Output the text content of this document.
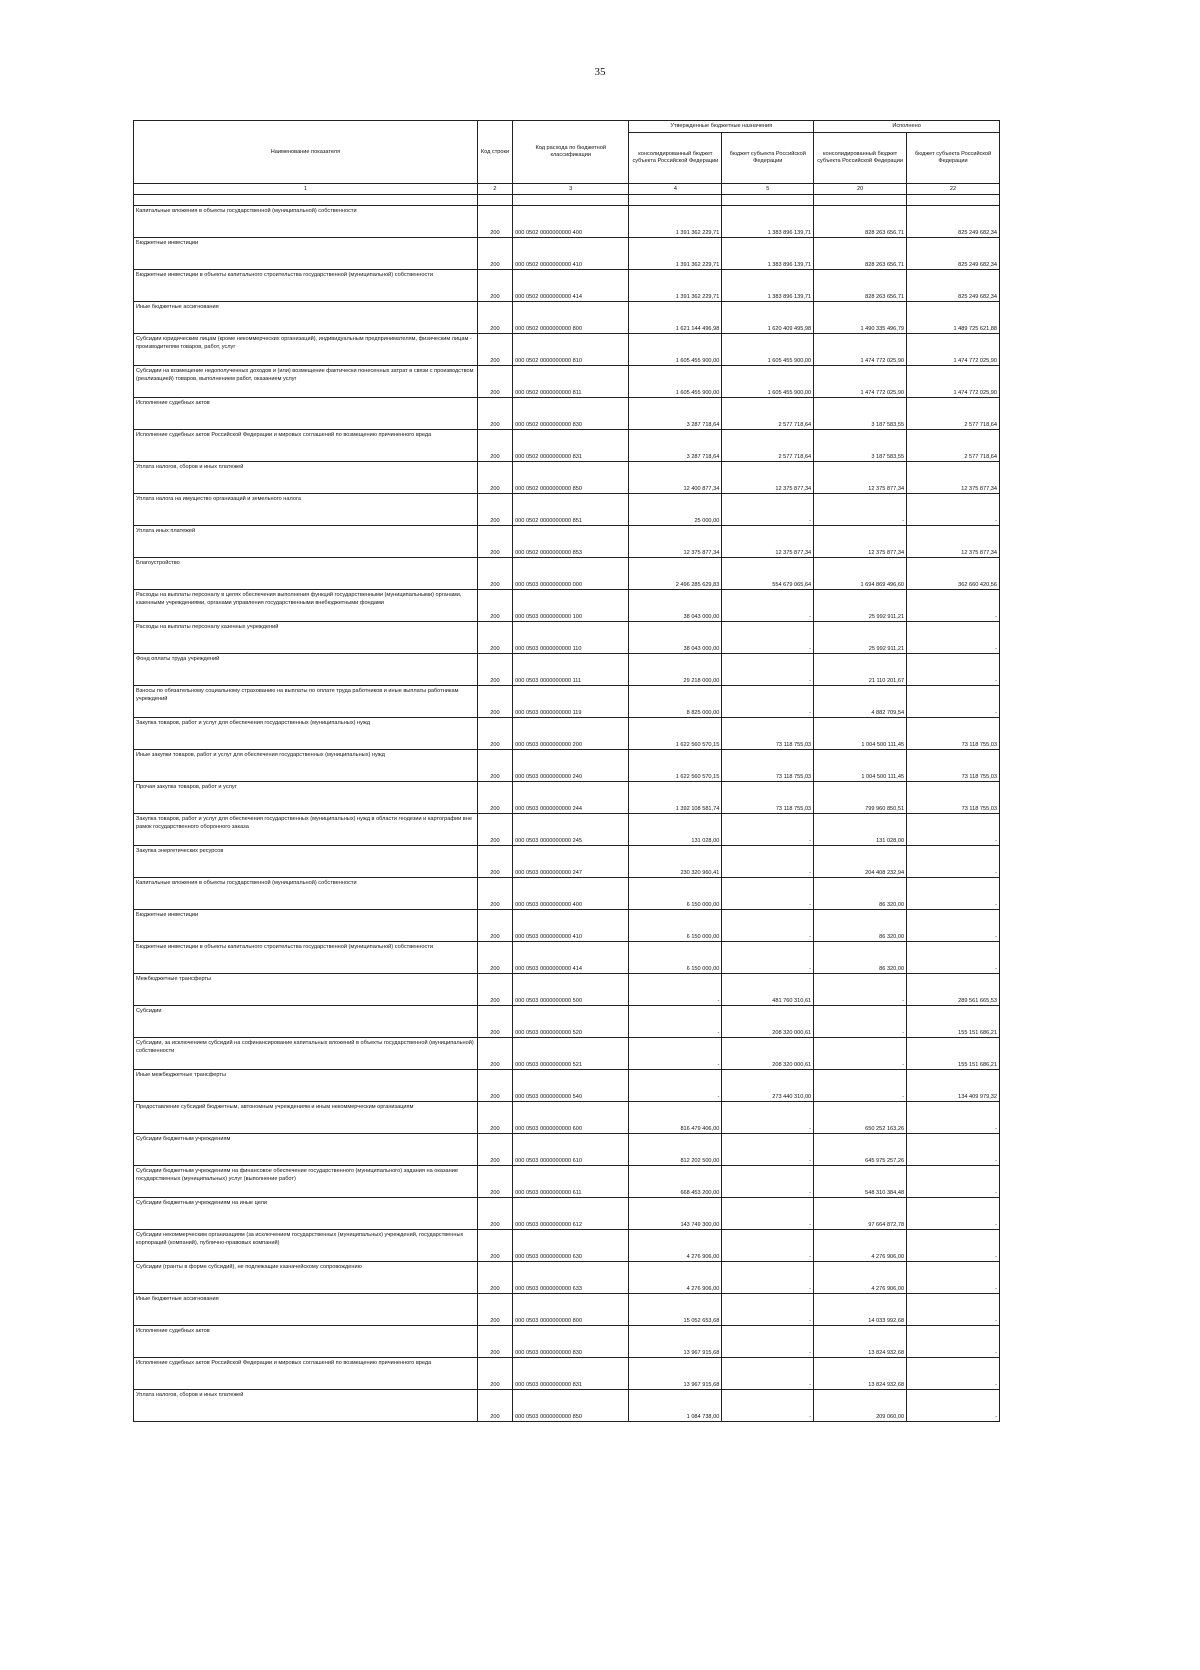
35
Наименование показателя	Код строки	Код расхода по бюджетной классификации	Утвержденные бюджетные назначения		Исполнено	
			консолидированный бюджет субъекта Российской Федерации	бюджет субъекта Российской Федерации	консолидированный бюджет субъекта Российской Федерации	бюджет субъекта Российской Федерации
1	2	3	4	5	20	22

Капитальные вложения в объекты государственной (муниципальной) собственности	200	000 0502 0000000000 400	1 391 362 229,71	1 383 896 139,71	828 263 656,71	825 249 682,34
Бюджетные инвестиции	200	000 0502 0000000000 410	1 391 362 229,71	1 383 896 139,71	828 263 656,71	825 249 682,34
Бюджетные инвестиции в объекты капитального строительства государственной (муниципальной) собственности	200	000 0502 0000000000 414	1 391 362 229,71	1 383 896 139,71	828 263 656,71	825 249 682,34
Иные бюджетные ассигнования	200	000 0502 0000000000 800	1 621 144 496,98	1 620 409 495,98	1 490 335 496,79	1 489 725 621,88
Субсидии юридическим лицам (кроме некоммерческих организаций), индивидуальным предпринимателям, физическим лицам - производителям товаров, работ, услуг	200	000 0502 0000000000 810	1 605 455 900,00	1 605 455 900,00	1 474 772 025,90	1 474 772 025,90
Субсидии на возмещение недополученных доходов и (или) возмещение фактически понесенных затрат в связи с производством (реализацией) товаров, выполнением работ, оказанием услуг	200	000 0502 0000000000 811	1 605 455 900,00	1 605 455 900,00	1 474 772 025,90	1 474 772 025,90
Исполнение судебных актов	200	000 0502 0000000000 830	3 287 718,64	2 577 718,64	3 187 583,55	2 577 718,64
Исполнение судебных актов Российской Федерации и мировых соглашений по возмещению причиненного вреда	200	000 0502 0000000000 831	3 287 718,64	2 577 718,64	3 187 583,55	2 577 718,64
Уплата налогов, сборов и иных платежей	200	000 0502 0000000000 850	12 400 877,34	12 375 877,34	12 375 877,34	12 375 877,34
Уплата налога на имущество организаций и земельного налога	200	000 0502 0000000000 851	25 000,00	-	-	-

Уплата иных платежей	200	000 0502 0000000000 853	12 375 877,34	12 375 877,34	12 375 877,34	12 375 877,34
Благоустройство	200	000 0503 0000000000 000	2 496 285 629,83	554 679 065,64	1 694 869 496,60	362 660 420,56
Расходы на выплаты персоналу в целях обеспечения выполнения функций государственными (муниципальными) органами, казенными учреждениями, органами управления государственными внебюджетными фондами	200	000 0503 0000000000 100	38 043 000,00	-	25 992 911,21	-

Расходы на выплаты персоналу казенных учреждений	200	000 0503 0000000000 110	38 043 000,00	-	25 992 911,21	-

Фонд оплаты труда учреждений	200	000 0503 0000000000 111	29 218 000,00	-	21 110 201,67	-

Взносы по обязательному социальному страхованию на выплаты по оплате труда работников и иные выплаты работникам учреждений	200	000 0503 0000000000 119	8 825 000,00	-	4 882 709,54	-

Закупка товаров, работ и услуг для обеспечения государственных (муниципальных) нужд	200	000 0503 0000000000 200	1 622 560 570,15	73 118 755,03	1 004 500 111,45	73 118 755,03
Иные закупки товаров, работ и услуг для обеспечения государственных (муниципальных) нужд	200	000 0503 0000000000 240	1 622 560 570,15	73 118 755,03	1 004 500 111,45	73 118 755,03
Прочая закупка товаров, работ и услуг	200	000 0503 0000000000 244	1 392 108 581,74	73 118 755,03	799 960 850,51	73 118 755,03
Закупка товаров, работ и услуг для обеспечения государственных (муниципальных) нужд в области геодезии и картографии вне рамок государственного оборонного заказа	200	000 0503 0000000000 245	131 028,00	-	131 028,00	-

Закупка энергетических ресурсов	200	000 0503 0000000000 247	230 320 960,41	-	204 408 232,94	-

Капитальные вложения в объекты государственной (муниципальной) собственности	200	000 0503 0000000000 400	6 150 000,00	-	86 320,00	-

Бюджетные инвестиции	200	000 0503 0000000000 410	6 150 000,00	-	86 320,00	-

Бюджетные инвестиции в объекты капитального строительства государственной (муниципальной) собственности	200	000 0503 0000000000 414	6 150 000,00	-	86 320,00	-

Межбюджетные трансферты	200	000 0503 0000000000 500	-	481 760 310,61	-	289 561 665,53
Субсидии	200	000 0503 0000000000 520	-	208 320 000,61	-	155 151 686,21
Субсидии, за исключением субсидий на софинансирование капитальных вложений в объекты государственной (муниципальной) собственности	200	000 0503 0000000000 521	-	208 320 000,61	-	155 151 686,21
Иные межбюджетные трансферты	200	000 0503 0000000000 540	-	273 440 310,00	-	134 409 979,32
Предоставление субсидий бюджетным, автономным учреждениям и иным некоммерческим организациям	200	000 0503 0000000000 600	816 479 406,00	-	650 252 163,26	-

Субсидии бюджетным учреждениям	200	000 0503 0000000000 610	812 202 500,00	-	645 975 257,26	-

Субсидии бюджетным учреждениям на финансовое обеспечение государственного (муниципального) задания на оказание государственных (муниципальных) услуг (выполнение работ)	200	000 0503 0000000000 611	668 453 200,00	-	548 310 384,48	-

Субсидии бюджетным учреждениям на иные цели	200	000 0503 0000000000 612	143 749 300,00	-	97 664 872,78	-

Субсидии некоммерческим организациям (за исключением государственных (муниципальных) учреждений, государственных корпораций (компаний), публично-правовых компаний)	200	000 0503 0000000000 630	4 276 906,00	-	4 276 906,00	-

Субсидии (гранты в форме субсидий), не подлежащие казначейскому сопровождению	200	000 0503 0000000000 633	4 276 906,00	-	4 276 906,00	-

Иные бюджетные ассигнования	200	000 0503 0000000000 800	15 052 653,68	-	14 033 992,68	-

Исполнение судебных актов	200	000 0503 0000000000 830	13 967 915,68	-	13 824 932,68	-

Исполнение судебных актов Российской Федерации и мировых соглашений по возмещению причиненного вреда	200	000 0503 0000000000 831	13 967 915,68	-	13 824 932,68	-

Уплата налогов, сборов и иных платежей	200	000 0503 0000000000 850	1 084 738,00	-	209 060,00	-
